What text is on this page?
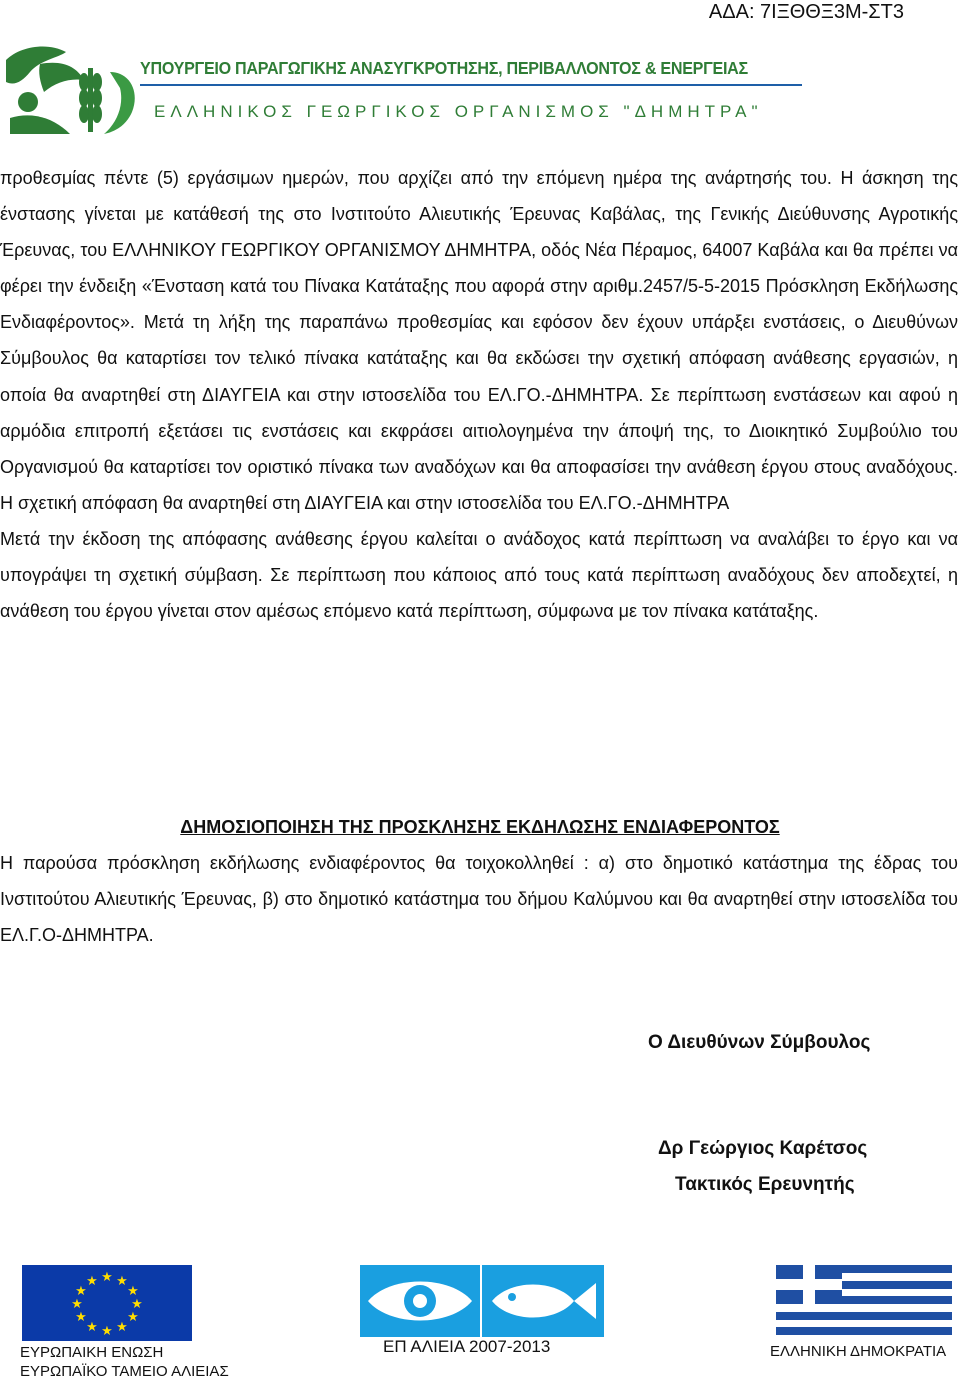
ΑΔΑ: 7ΙΞΘΘΞ3Μ-ΣΤ3
ΥΠΟΥΡΓΕΙΟ ΠΑΡΑΓΩΓΙΚΗΣ ΑΝΑΣΥΓΚΡΟΤΗΣΗΣ, ΠΕΡΙΒΑΛΛΟΝΤΟΣ & ΕΝΕΡΓΕΙΑΣ
ΕΛΛΗΝΙΚΟΣ ΓΕΩΡΓΙΚΟΣ ΟΡΓΑΝΙΣΜΟΣ "ΔΗΜΗΤΡΑ"

προθεσμίας πέντε (5) εργάσιμων ημερών, που αρχίζει από την επόμενη ημέρα της ανάρτησής του. Η άσκηση της ένστασης γίνεται με κατάθεσή της στο Ινστιτούτο Αλιευτικής Έρευνας Καβάλας, της Γενικής Διεύθυνσης Αγροτικής Έρευνας, του ΕΛΛΗΝΙΚΟΥ ΓΕΩΡΓΙΚΟΥ ΟΡΓΑΝΙΣΜΟΥ ΔΗΜΗΤΡΑ, οδός Νέα Πέραμος, 64007 Καβάλα και θα πρέπει να φέρει την ένδειξη «Ένσταση κατά του Πίνακα Κατάταξης που αφορά στην αριθμ.2457/5-5-2015 Πρόσκληση Εκδήλωσης Ενδιαφέροντος». Μετά τη λήξη της παραπάνω προθεσμίας και εφόσον δεν έχουν υπάρξει ενστάσεις, ο Διευθύνων Σύμβουλος θα καταρτίσει τον τελικό πίνακα κατάταξης και θα εκδώσει την σχετική απόφαση ανάθεσης εργασιών, η οποία θα αναρτηθεί στη ΔΙΑΥΓΕΙΑ και στην ιστοσελίδα του ΕΛ.ΓΟ.-ΔΗΜΗΤΡΑ. Σε περίπτωση ενστάσεων και αφού η αρμόδια επιτροπή εξετάσει τις ενστάσεις και εκφράσει αιτιολογημένα την άποψή της, το Διοικητικό Συμβούλιο του Οργανισμού θα καταρτίσει τον οριστικό πίνακα των αναδόχων και θα αποφασίσει την ανάθεση έργου στους αναδόχους. Η σχετική απόφαση θα αναρτηθεί στη ΔΙΑΥΓΕΙΑ και στην ιστοσελίδα του ΕΛ.ΓΟ.-ΔΗΜΗΤΡΑ

Μετά την έκδοση της απόφασης ανάθεσης έργου καλείται ο ανάδοχος κατά περίπτωση να αναλάβει το έργο και να υπογράψει τη σχετική σύμβαση. Σε περίπτωση που κάποιος από τους κατά περίπτωση αναδόχους δεν αποδεχτεί, η ανάθεση του έργου γίνεται στον αμέσως επόμενο κατά περίπτωση, σύμφωνα με τον πίνακα κατάταξης.

ΔΗΜΟΣΙΟΠΟΙΗΣΗ ΤΗΣ ΠΡΟΣΚΛΗΣΗΣ ΕΚΔΗΛΩΣΗΣ ΕΝΔΙΑΦΕΡΟΝΤΟΣ

Η παρούσα πρόσκληση εκδήλωσης ενδιαφέροντος θα τοιχοκολληθεί : α) στο δημοτικό κατάστημα της έδρας του Ινστιτούτου Αλιευτικής Έρευνας, β) στο δημοτικό κατάστημα του δήμου Καλύμνου και θα αναρτηθεί στην ιστοσελίδα του ΕΛ.Γ.Ο-ΔΗΜΗΤΡΑ.

Ο Διευθύνων Σύμβουλος
Δρ Γεώργιος Καρέτσος
Τακτικός Ερευνητής
★ ★
★
★
★
★
★
★
★
★
★
★
ΕΥΡΩΠΑΙΚΗ ΕΝΩΣΗ
ΕΥΡΩΠΑΪΚΟ ΤΑΜΕΙΟ ΑΛΙΕΙΑΣ
ΕΠ ΑΛΙΕΙΑ 2007-2013	ΕΛΛΗΝΙΚΗ ΔΗΜΟΚΡΑΤΙΑ
